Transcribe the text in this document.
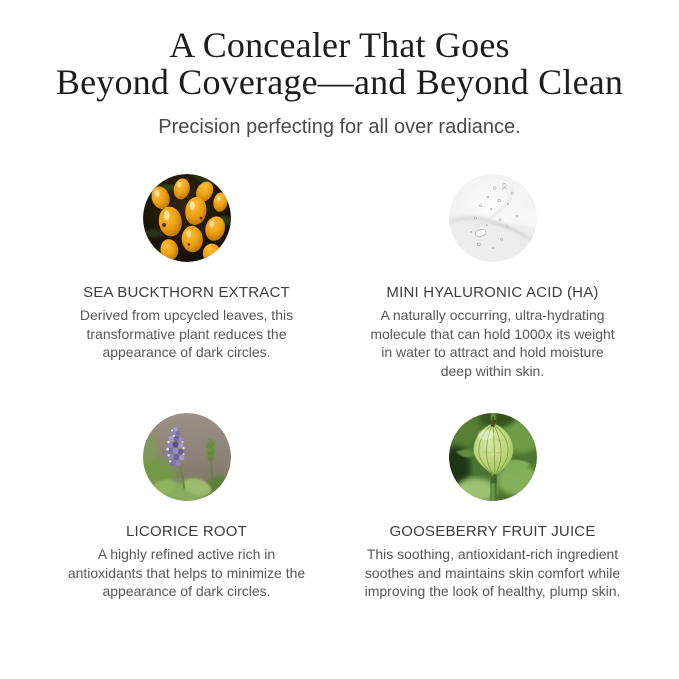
A Concealer That Goes
Beyond Coverage—and Beyond Clean

Precision perfecting for all over radiance.

SEA BUCKTHORN EXTRACT

Derived from upcycled leaves, this transformative plant reduces the appearance of dark circles.

MINI HYALURONIC ACID (HA)

A naturally occurring, ultra-hydrating molecule that can hold 1000x its weight in water to attract and hold moisture deep within skin.

LICORICE ROOT

A highly refined active rich in antioxidants that helps to minimize the appearance of dark circles.

GOOSEBERRY FRUIT JUICE

This soothing, antioxidant-rich ingredient soothes and maintains skin comfort while improving the look of healthy, plump skin.
